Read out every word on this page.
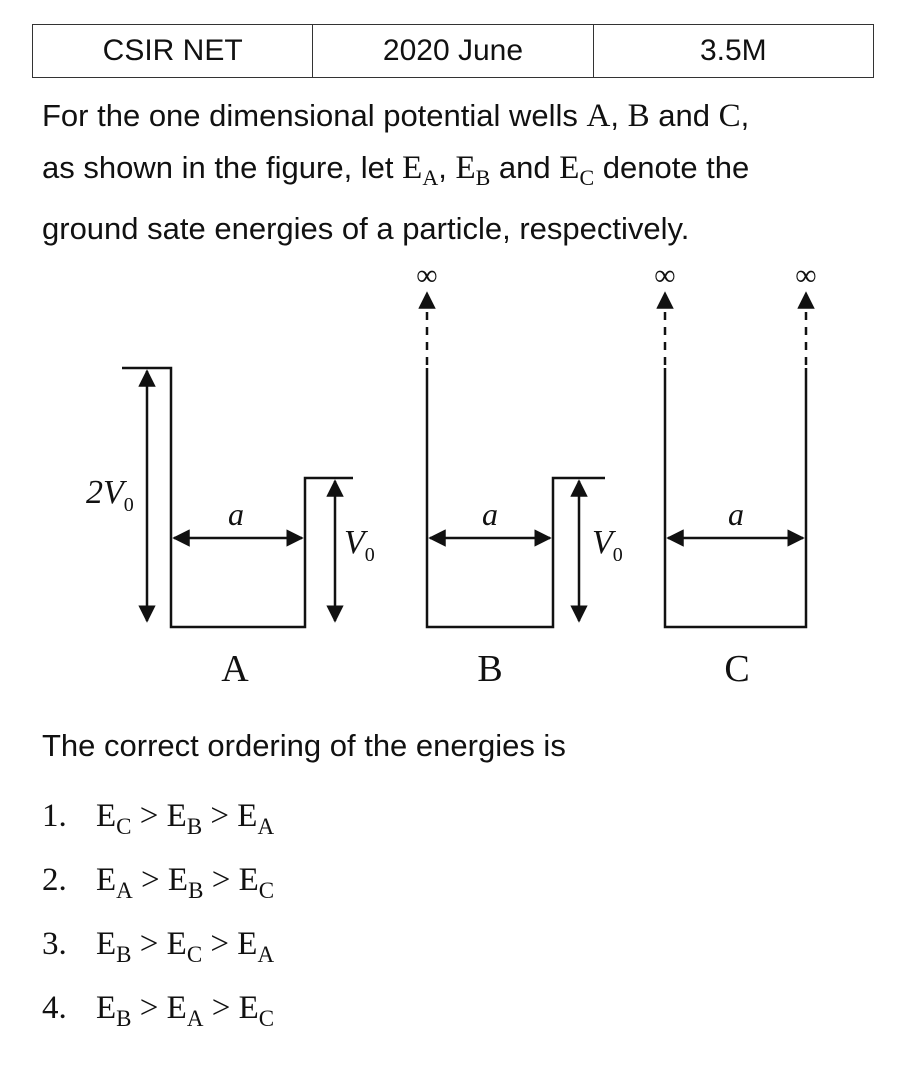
CSIR NET	2020 June	3.5M

For the one dimensional potential wells A, B and C,
as shown in the figure, let $E_A$, $E_B$ and $E_C$ denote the
ground sate energies of a particle, respectively.

∞	∞	∞
$2V_0$	a
$V_0$
A
a
$V_0$
B
a
C

The correct ordering of the energies is

1. $E_C > E_B > E_A$
2. $E_A > E_B > E_C$
3. $E_B > E_C > E_A$
4. $E_B > E_A > E_C$
